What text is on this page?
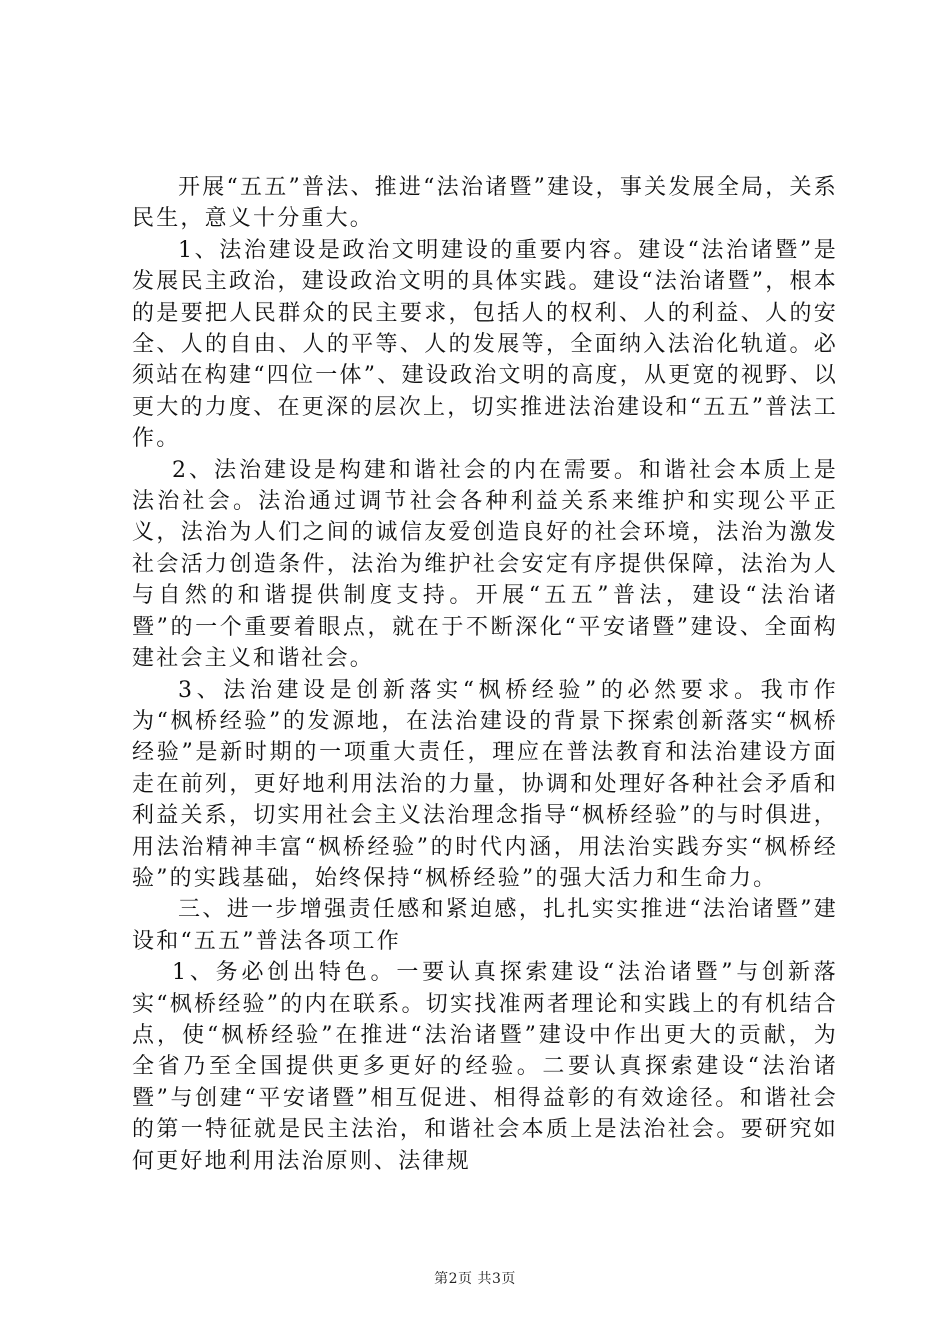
开展“五五”普法、推进“法治诸暨”建设，事关发展全局，关系民生，意义十分重大。

1、法治建设是政治文明建设的重要内容。建设“法治诸暨”是发展民主政治，建设政治文明的具体实践。建设“法治诸暨”，根本的是要把人民群众的民主要求，包括人的权利、人的利益、人的安全、人的自由、人的平等、人的发展等，全面纳入法治化轨道。必须站在构建“四位一体”、建设政治文明的高度，从更宽的视野、以更大的力度、在更深的层次上，切实推进法治建设和“五五”普法工作。

2、法治建设是构建和谐社会的内在需要。和谐社会本质上是法治社会。法治通过调节社会各种利益关系来维护和实现公平正义，法治为人们之间的诚信友爱创造良好的社会环境，法治为激发社会活力创造条件，法治为维护社会安定有序提供保障，法治为人与自然的和谐提供制度支持。开展“五五”普法，建设“法治诸暨”的一个重要着眼点，就在于不断深化“平安诸暨”建设、全面构建社会主义和谐社会。

3、法治建设是创新落实“枫桥经验”的必然要求。我市作为“枫桥经验”的发源地，在法治建设的背景下探索创新落实“枫桥经验”是新时期的一项重大责任，理应在普法教育和法治建设方面走在前列，更好地利用法治的力量，协调和处理好各种社会矛盾和利益关系，切实用社会主义法治理念指导“枫桥经验”的与时俱进，用法治精神丰富“枫桥经验”的时代内涵，用法治实践夯实“枫桥经验”的实践基础，始终保持“枫桥经验”的强大活力和生命力。

三、进一步增强责任感和紧迫感，扎扎实实推进“法治诸暨”建设和“五五”普法各项工作

1、务必创出特色。一要认真探索建设“法治诸暨”与创新落实“枫桥经验”的内在联系。切实找准两者理论和实践上的有机结合点，使“枫桥经验”在推进“法治诸暨”建设中作出更大的贡献，为全省乃至全国提供更多更好的经验。二要认真探索建设“法治诸暨”与创建“平安诸暨”相互促进、相得益彰的有效途径。和谐社会的第一特征就是民主法治，和谐社会本质上是法治社会。要研究如何更好地利用法治原则、法律规

第2页 共3页
